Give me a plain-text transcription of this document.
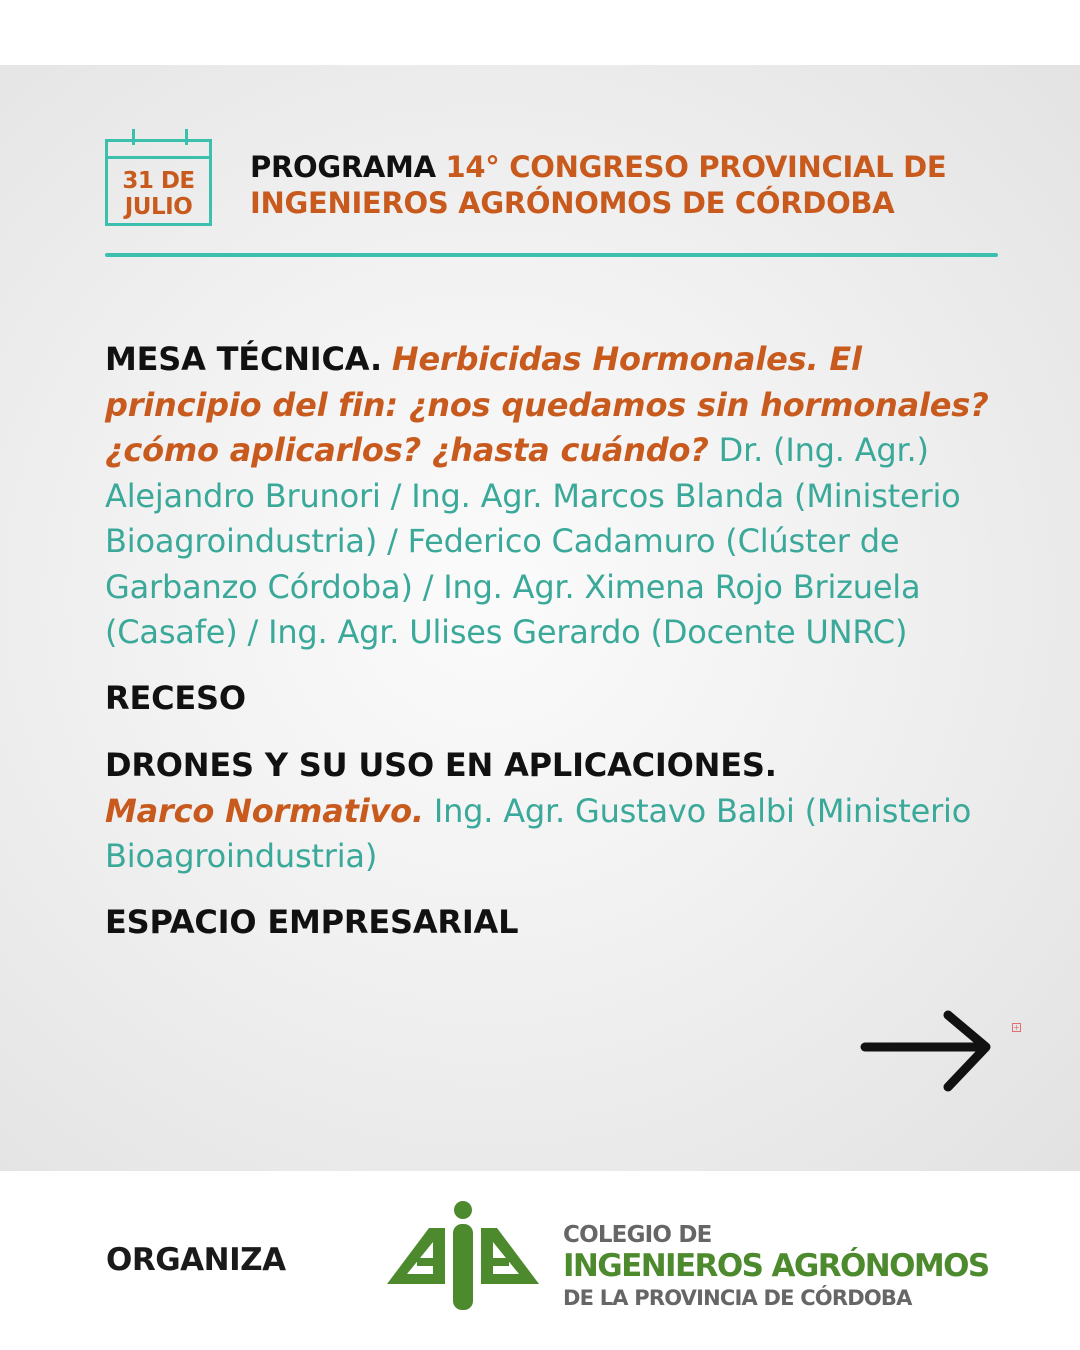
31 DE
JULIO
PROGRAMA 14° CONGRESO PROVINCIAL DE
INGENIEROS AGRÓNOMOS DE CÓRDOBA

MESA TÉCNICA. Herbicidas Hormonales. El principio del fin: ¿nos quedamos sin hormonales? ¿cómo aplicarlos? ¿hasta cuándo? Dr. (Ing. Agr.) Alejandro Brunori / Ing. Agr. Marcos Blanda (Ministerio Bioagroindustria) / Federico Cadamuro (Clúster de Garbanzo Córdoba) / Ing. Agr. Ximena Rojo Brizuela (Casafe) / Ing. Agr. Ulises Gerardo (Docente UNRC)

RECESO

DRONES Y SU USO EN APLICACIONES.
Marco Normativo. Ing. Agr. Gustavo Balbi (Ministerio Bioagroindustria)

ESPACIO EMPRESARIAL

+
ORGANIZA
COLEGIO DE
INGENIEROS AGRÓNOMOS
DE LA PROVINCIA DE CÓRDOBA
